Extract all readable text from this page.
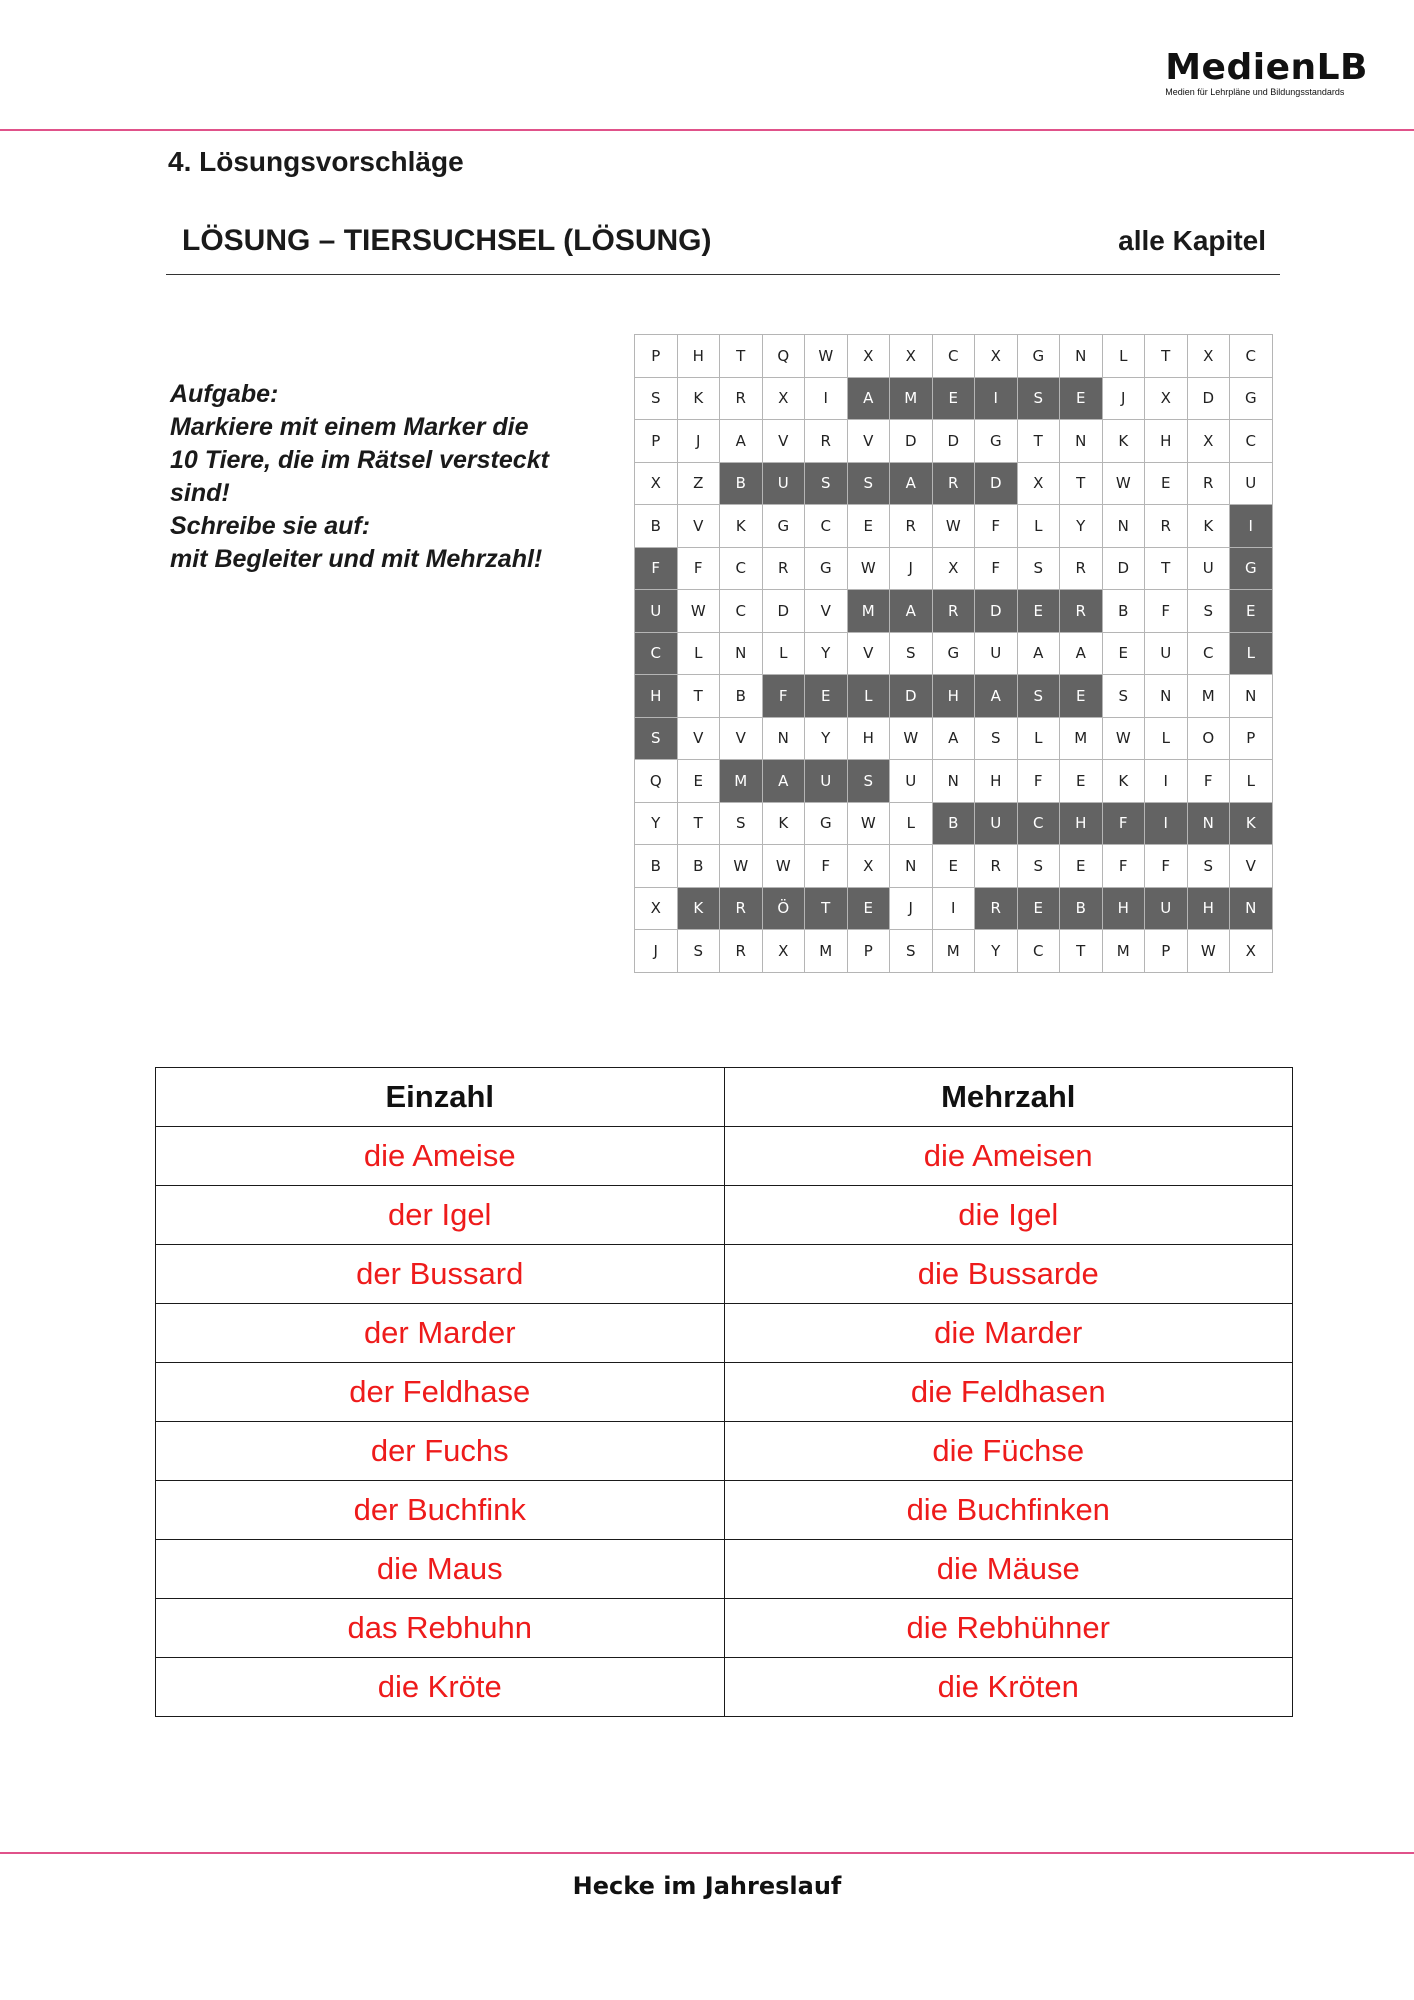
MedienLB
Medien für Lehrpläne und Bildungsstandards
4. Lösungsvorschläge
LÖSUNG – TIERSUCHSEL (LÖSUNG)	alle Kapitel
Aufgabe:
Markiere mit einem Marker die
10 Tiere, die im Rätsel versteckt
sind!
Schreibe sie auf:
mit Begleiter und mit Mehrzahl!
P	H	T	Q	W	X	X	C	X	G	N	L	T	X	C
S	K	R	X	I	A	M	E	I	S	E	J	X	D	G
P	J	A	V	R	V	D	D	G	T	N	K	H	X	C
X	Z	B	U	S	S	A	R	D	X	T	W	E	R	U
B	V	K	G	C	E	R	W	F	L	Y	N	R	K	I
F	F	C	R	G	W	J	X	F	S	R	D	T	U	G
U	W	C	D	V	M	A	R	D	E	R	B	F	S	E
C	L	N	L	Y	V	S	G	U	A	A	E	U	C	L
H	T	B	F	E	L	D	H	A	S	E	S	N	M	N
S	V	V	N	Y	H	W	A	S	L	M	W	L	O	P
Q	E	M	A	U	S	U	N	H	F	E	K	I	F	L
Y	T	S	K	G	W	L	B	U	C	H	F	I	N	K
B	B	W	W	F	X	N	E	R	S	E	F	F	S	V
X	K	R	Ö	T	E	J	I	R	E	B	H	U	H	N
J	S	R	X	M	P	S	M	Y	C	T	M	P	W	X
Einzahl	Mehrzahl
die Ameise	die Ameisen
der Igel	die Igel
der Bussard	die Bussarde
der Marder	die Marder
der Feldhase	die Feldhasen
der Fuchs	die Füchse
der Buchfink	die Buchfinken
die Maus	die Mäuse
das Rebhuhn	die Rebhühner
die Kröte	die Kröten
Hecke im Jahreslauf
